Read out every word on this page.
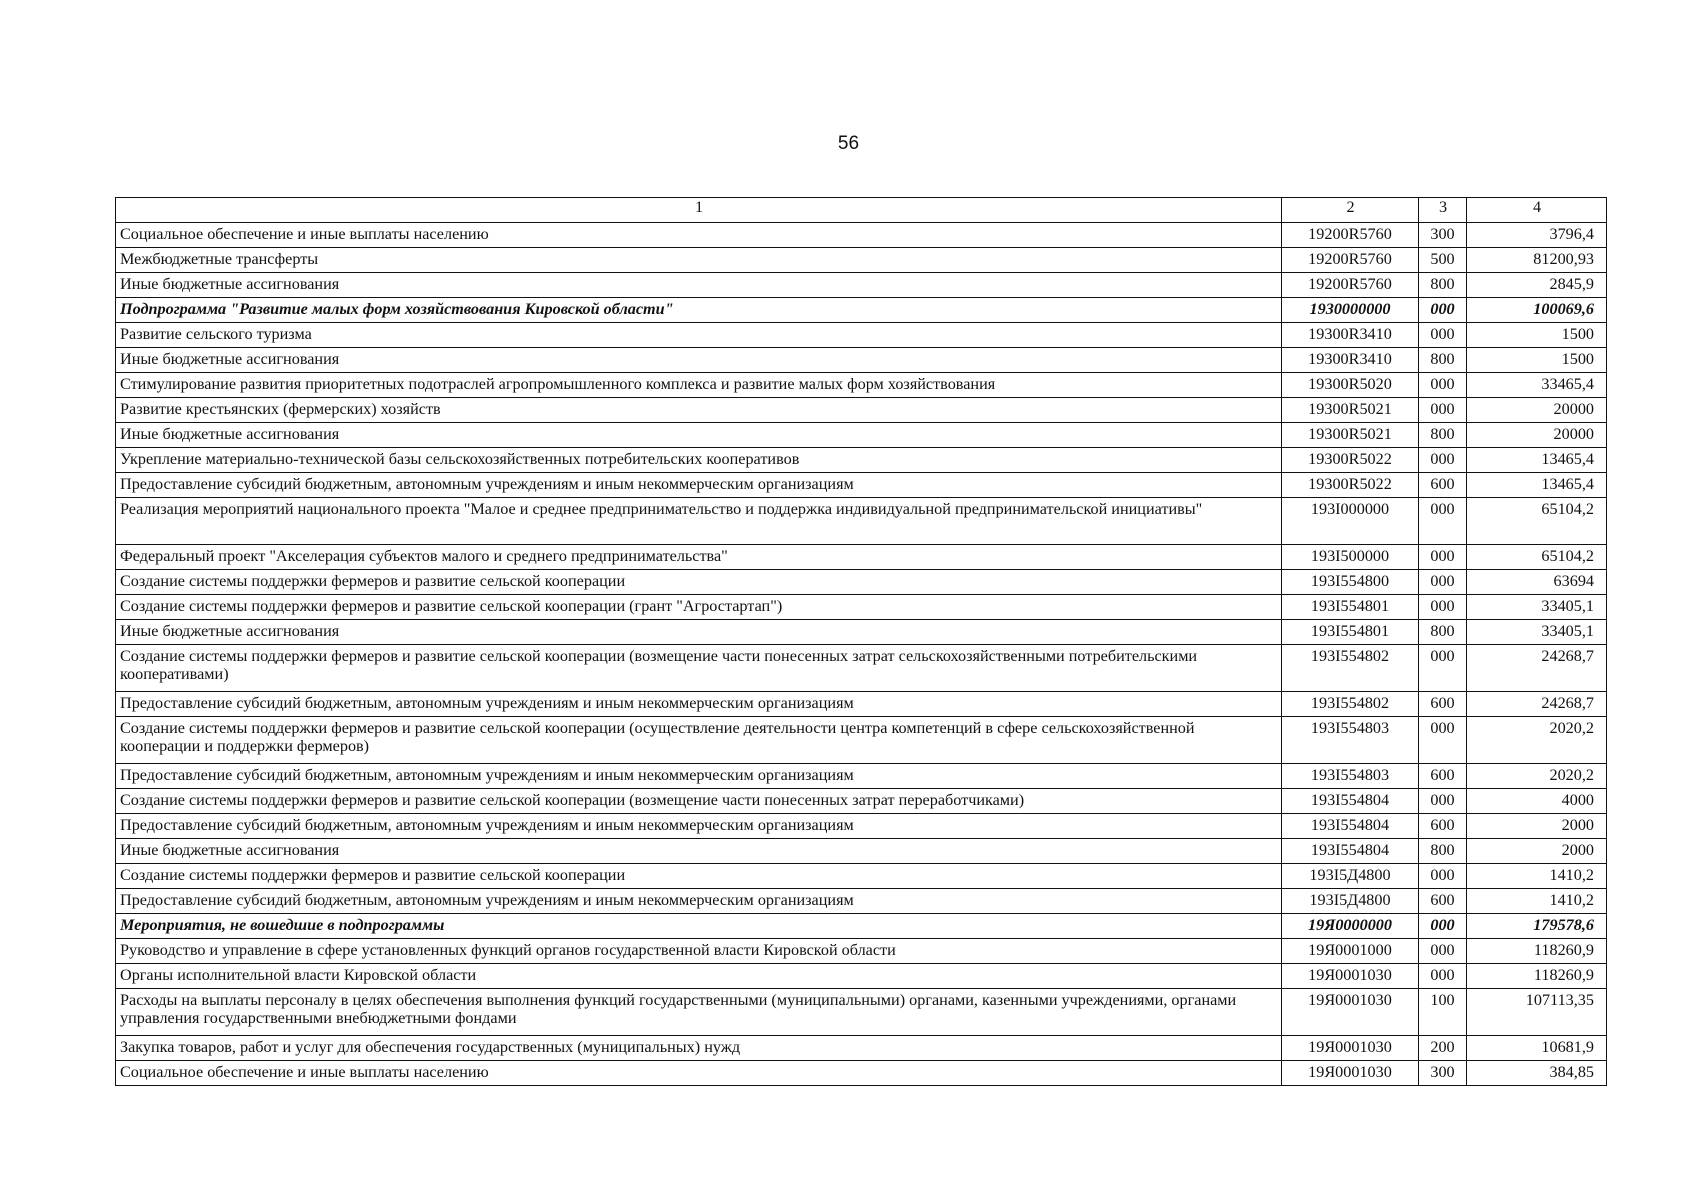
56
1	2	3	4
Социальное обеспечение и иные выплаты населению	19200R5760	300	3796,4
Межбюджетные трансферты	19200R5760	500	81200,93
Иные бюджетные ассигнования	19200R5760	800	2845,9
Подпрограмма "Развитие малых форм хозяйствования Кировской области"	1930000000	000	100069,6
Развитие сельского туризма	19300R3410	000	1500
Иные бюджетные ассигнования	19300R3410	800	1500
Стимулирование развития приоритетных подотраслей агропромышленного комплекса и развитие малых форм хозяйствования	19300R5020	000	33465,4
Развитие крестьянских (фермерских) хозяйств	19300R5021	000	20000
Иные бюджетные ассигнования	19300R5021	800	20000
Укрепление материально-технической базы сельскохозяйственных потребительских кооперативов	19300R5022	000	13465,4
Предоставление субсидий бюджетным, автономным учреждениям и иным некоммерческим организациям	19300R5022	600	13465,4
Реализация мероприятий национального проекта "Малое и среднее предпринимательство и поддержка индивидуальной предпринимательской инициативы"	193I000000	000	65104,2
Федеральный проект "Акселерация субъектов малого и среднего предпринимательства"	193I500000	000	65104,2
Создание системы поддержки фермеров и развитие сельской кооперации	193I554800	000	63694
Создание системы поддержки фермеров и развитие сельской кооперации (грант "Агростартап")	193I554801	000	33405,1
Иные бюджетные ассигнования	193I554801	800	33405,1
Создание системы поддержки фермеров и развитие сельской кооперации (возмещение части понесенных затрат сельскохозяйственными потребительскими кооперативами)	193I554802	000	24268,7
Предоставление субсидий бюджетным, автономным учреждениям и иным некоммерческим организациям	193I554802	600	24268,7
Создание системы поддержки фермеров и развитие сельской кооперации (осуществление деятельности центра компетенций в сфере сельскохозяйственной кооперации и поддержки фермеров)	193I554803	000	2020,2
Предоставление субсидий бюджетным, автономным учреждениям и иным некоммерческим организациям	193I554803	600	2020,2
Создание системы поддержки фермеров и развитие сельской кооперации (возмещение части понесенных затрат переработчиками)	193I554804	000	4000
Предоставление субсидий бюджетным, автономным учреждениям и иным некоммерческим организациям	193I554804	600	2000
Иные бюджетные ассигнования	193I554804	800	2000
Создание системы поддержки фермеров и развитие сельской кооперации	193I5Д4800	000	1410,2
Предоставление субсидий бюджетным, автономным учреждениям и иным некоммерческим организациям	193I5Д4800	600	1410,2
Мероприятия, не вошедшие в подпрограммы	19Я0000000	000	179578,6
Руководство и управление в сфере установленных функций органов государственной власти Кировской области	19Я0001000	000	118260,9
Органы исполнительной власти Кировской области	19Я0001030	000	118260,9
Расходы на выплаты персоналу в целях обеспечения выполнения функций государственными (муниципальными) органами, казенными учреждениями, органами управления государственными внебюджетными фондами	19Я0001030	100	107113,35
Закупка товаров, работ и услуг для обеспечения государственных (муниципальных) нужд	19Я0001030	200	10681,9
Социальное обеспечение и иные выплаты населению	19Я0001030	300	384,85
